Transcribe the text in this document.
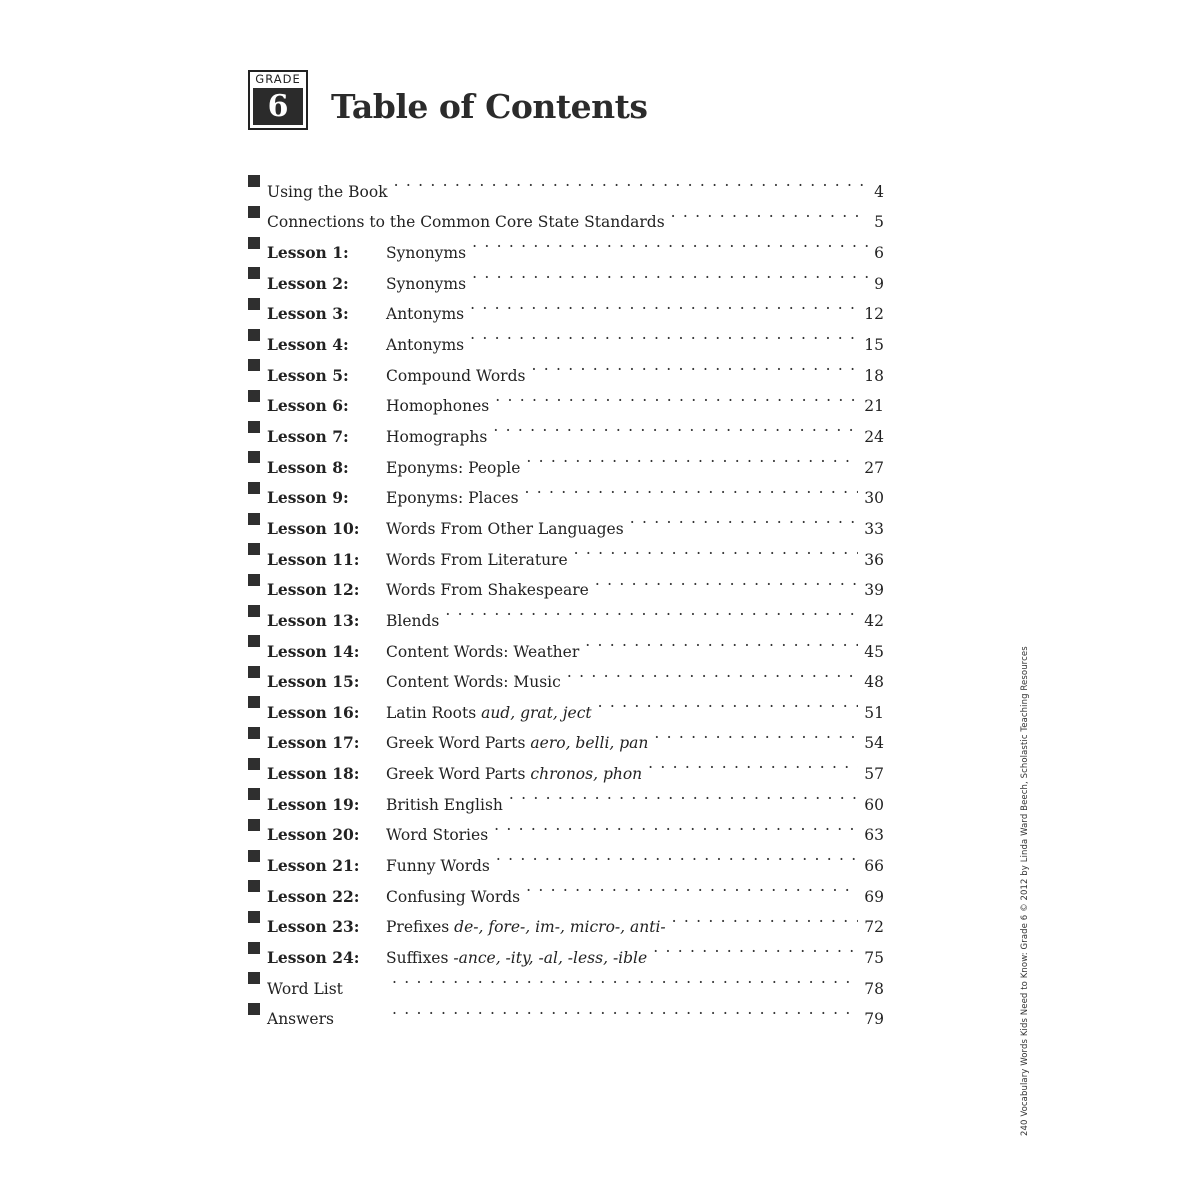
GRADE
6	Table of Contents
Using the Book . . .	4
Connections to the Common Core State Standards . . .	5
Lesson 1:	Synonyms . . .	6
Lesson 2:	Synonyms . . .	9
Lesson 3:	Antonyms . . .	12
Lesson 4:	Antonyms . . .	15
Lesson 5:	Compound Words . . .	18
Lesson 6:	Homophones . . .	21
Lesson 7:	Homographs . . .	24
Lesson 8:	Eponyms: People . . .	27
Lesson 9:	Eponyms: Places . . .	30
Lesson 10:	Words From Other Languages . . .	33
Lesson 11:	Words From Literature . . .	36
Lesson 12:	Words From Shakespeare . . .	39
Lesson 13:	Blends . . .	42
Lesson 14:	Content Words: Weather . . .	45
Lesson 15:	Content Words: Music . . .	48
Lesson 16:	Latin Roots aud, grat, ject . . .	51
Lesson 17:	Greek Word Parts aero, belli, pan . . .	54
Lesson 18:	Greek Word Parts chronos, phon . . .	57
Lesson 19:	British English . . .	60
Lesson 20:	Word Stories . . .	63
Lesson 21:	Funny Words . . .	66
Lesson 22:	Confusing Words . . .	69
Lesson 23:	Prefixes de-, fore-, im-, micro-, anti- . . .	72
Lesson 24:	Suffixes -ance, -ity, -al, -less, -ible . . .	75
Word List . . .	78
Answers . . .	79	240 Vocabulary Words Kids Need to Know: Grade 6 © 2012 by Linda Ward Beech, Scholastic Teaching Resources
